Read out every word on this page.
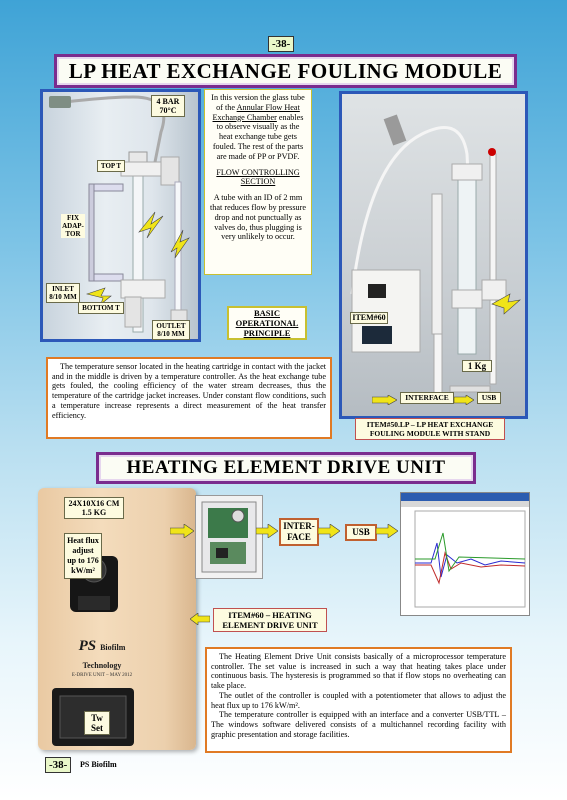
-38-
LP HEAT EXCHANGE FOULING MODULE
4 BAR
70°C
TOP T
FIX ADAP-TOR
INLET 8/10 MM
BOTTOM T
OUTLET 8/10 MM
In this version the glass tube of the Annular Flow Heat Exchange Chamber enables to observe visually as the heat exchange tube gets fouled. The rest of the parts are made of PP or PVDF.
FLOW CONTROLLING SECTION
A tube with an ID of 2 mm that reduces flow by pressure drop and not punctually as valves do, thus plugging is very unlikely to occur.
BASIC OPERATIONAL PRINCIPLE
ITEM#60
1 Kg
INTERFACE	USB
ITEM#50.LP – LP HEAT EXCHANGE FOULING MODULE WITH STAND

The temperature sensor located in the heating cartridge in contact with the jacket and in the middle is driven by a temperature controller. As the heat exchange tube gets fouled, the cooling efficiency of the water stream decreases, thus the temperature of the cartridge jacket increases. Under constant flow conditions, such a temperature increase represents a direct measurement of the heat transfer efficiency.

HEATING ELEMENT DRIVE UNIT
24X10X16 CM
1.5 KG
Heat flux adjust up to 176 kW/m²
PS Biofilm Technology
E-DRIVE UNIT – MAY 2012
Tw Set
INTER-FACE	USB
ITEM#60 – HEATING ELEMENT DRIVE UNIT

The Heating Element Drive Unit consists basically of a microprocessor temperature controller. The set value is increased in such a way that heating takes place under continuous basis. The hysteresis is programmed so that if flow stops no overheating can take place.

The outlet of the controller is coupled with a potentiometer that allows to adjust the heat flux up to 176 kW/m².

The temperature controller is equipped with an interface and a converter USB/TTL – The windows software delivered consists of a multichannel recording facility with graphic presentation and storage facilities.

-38-	PS Biofilm
